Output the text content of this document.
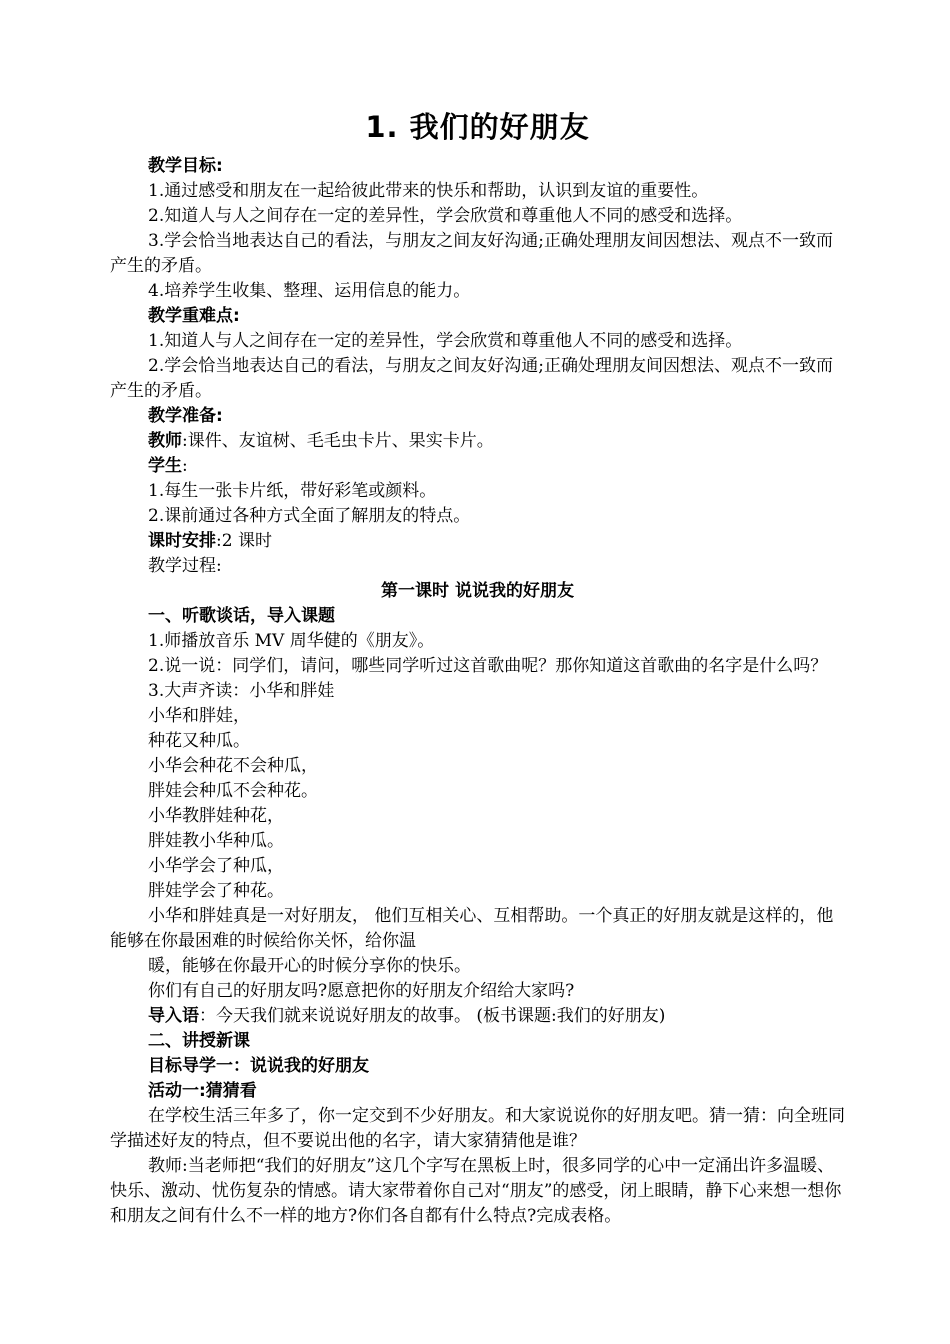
1. 我们的好朋友
教学目标:
1.通过感受和朋友在一起给彼此带来的快乐和帮助，认识到友谊的重要性。
2.知道人与人之间存在一定的差异性，学会欣赏和尊重他人不同的感受和选择。
3.学会恰当地表达自己的看法，与朋友之间友好沟通;正确处理朋友间因想法、观点不一致而产生的矛盾。
4.培养学生收集、整理、运用信息的能力。
教学重难点:
1.知道人与人之间存在一定的差异性，学会欣赏和尊重他人不同的感受和选择。
2.学会恰当地表达自己的看法，与朋友之间友好沟通;正确处理朋友间因想法、观点不一致而产生的矛盾。
教学准备:
教师:课件、友谊树、毛毛虫卡片、果实卡片。
学生:
1.每生一张卡片纸，带好彩笔或颜料。
2.课前通过各种方式全面了解朋友的特点。
课时安排:2 课时
教学过程:
第一课时 说说我的好朋友
一、听歌谈话，导入课题
1.师播放音乐 MV 周华健的《朋友》。
2.说一说：同学们，请问，哪些同学听过这首歌曲呢？那你知道这首歌曲的名字是什么吗？
3.大声齐读：小华和胖娃
小华和胖娃，
种花又种瓜。
小华会种花不会种瓜，
胖娃会种瓜不会种花。
小华教胖娃种花，
胖娃教小华种瓜。
小华学会了种瓜，
胖娃学会了种花。
小华和胖娃真是一对好朋友， 他们互相关心、互相帮助。一个真正的好朋友就是这样的，他能够在你最困难的时候给你关怀，给你温
暖，能够在你最开心的时候分享你的快乐。
你们有自己的好朋友吗?愿意把你的好朋友介绍给大家吗?
导入语：今天我们就来说说好朋友的故事。 (板书课题:我们的好朋友)
二、讲授新课
目标导学一：说说我的好朋友
活动一:猜猜看
在学校生活三年多了，你一定交到不少好朋友。和大家说说你的好朋友吧。猜一猜：向全班同学描述好友的特点，但不要说出他的名字，请大家猜猜他是谁？
教师:当老师把“我们的好朋友”这几个字写在黑板上时，很多同学的心中一定涌出许多温暖、快乐、激动、忧伤复杂的情感。请大家带着你自己对“朋友”的感受，闭上眼睛，静下心来想一想你和朋友之间有什么不一样的地方?你们各自都有什么特点?完成表格。
